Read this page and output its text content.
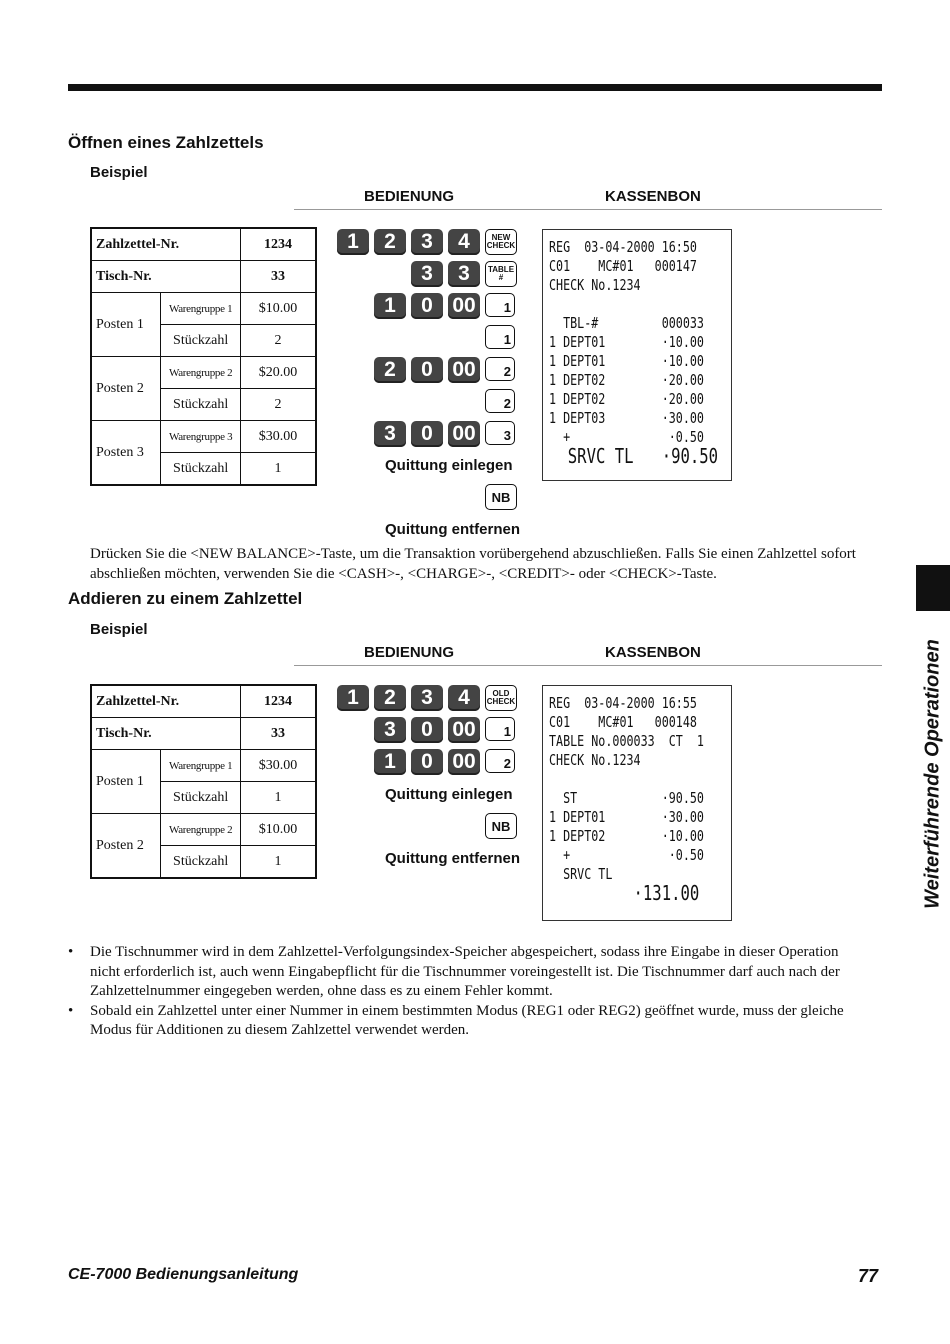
Öffnen eines Zahlzettels
Beispiel
BEDIENUNG	KASSENBON
Zahlzettel-Nr.		1234
Tisch-Nr.		33
Posten 1	Warengruppe 1	$10.00
	Stückzahl	2
Posten 2	Warengruppe 2	$20.00
	Stückzahl	2
Posten 3	Warengruppe 3	$30.00
	Stückzahl	1
1	2	3	4	NEW
CHECK
3	3	TABLE
#
1	0 00	1
1
2	0 00	2
2
3	0 00	3
Quittung einlegen
NB
Quittung entfernen
REG  03-04-2000 16:50
C01    MC#01   000147
CHECK No.1234
TBL-#         000033
1 DEPT01        ·10.00
1 DEPT01        ·10.00
1 DEPT02        ·20.00
1 DEPT02        ·20.00
1 DEPT03        ·30.00
+              ·0.50
SRVC TL   ·90.50
Drücken Sie die <NEW BALANCE>-Taste, um die Transaktion vorübergehend abzuschließen. Falls Sie einen Zahlzettel sofort abschließen möchten, verwenden Sie die <CASH>-, <CHARGE>-, <CREDIT>- oder <CHECK>-Taste.
Addieren zu einem Zahlzettel
Beispiel
BEDIENUNG	KASSENBON
Zahlzettel-Nr.		1234
Tisch-Nr.		33
Posten 1	Warengruppe 1	$30.00
	Stückzahl	1
Posten 2	Warengruppe 2	$10.00
	Stückzahl	1
1	2	3	4	OLD
CHECK
3	0 00	1
1	0 00	2
Quittung einlegen
NB
Quittung entfernen
REG  03-04-2000 16:55
C01    MC#01   000148
TABLE No.000033  CT  1
CHECK No.1234
ST            ·90.50
1 DEPT01        ·30.00
1 DEPT02        ·10.00
+              ·0.50
SRVC TL
·131.00
•	Die Tischnummer wird in dem Zahlzettel-Verfolgungsindex-Speicher abgespeichert, sodass ihre Eingabe in dieser Operation nicht erforderlich ist, auch wenn Eingabepflicht für die Tischnummer voreingestellt ist. Die Tischnummer darf auch nach der Zahlzettelnummer eingegeben werden, ohne dass es zu einem Fehler kommt.
•	Sobald ein Zahlzettel unter einer Nummer in einem bestimmten Modus (REG1 oder REG2) geöffnet wurde, muss der gleiche Modus für Additionen zu diesem Zahlzettel verwendet werden.
Weiterführende Operationen
CE-7000 Bedienungsanleitung	77
